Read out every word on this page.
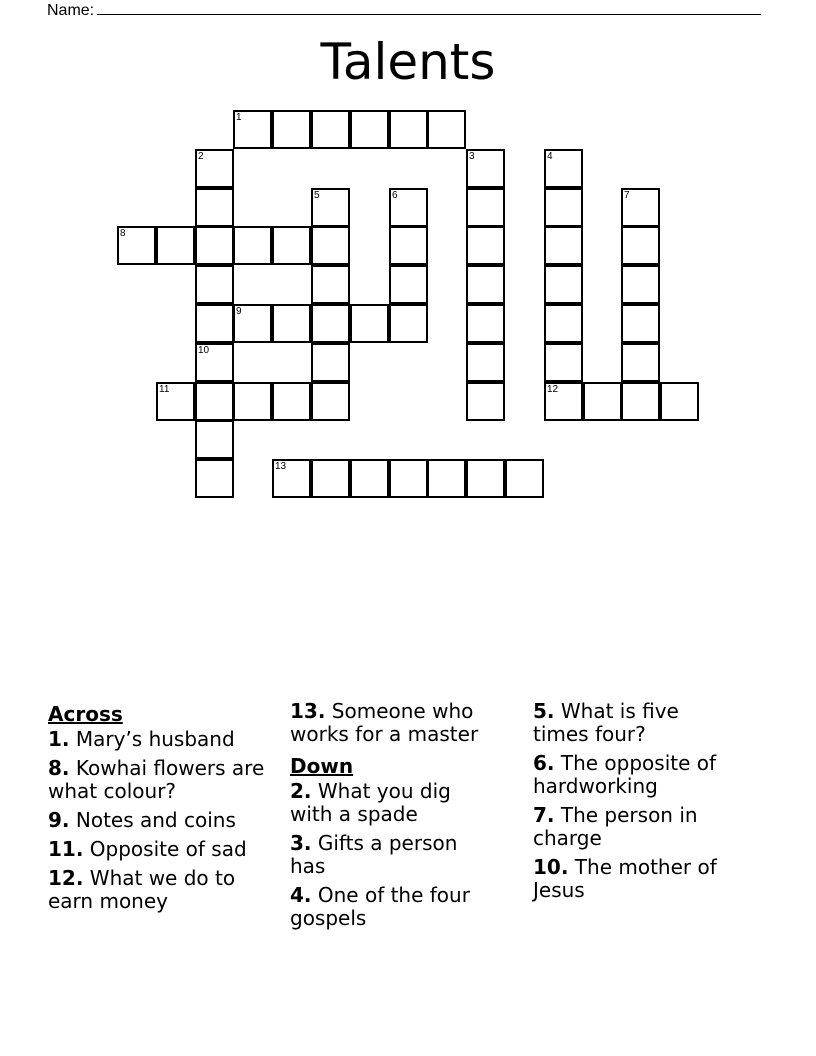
Name:
Talents
1
8
9
11	12
13
2	3	4
5	6	7
10

Across

1. Mary’s husband

8. Kowhai flowers are what colour?

9. Notes and coins

11. Opposite of sad

12. What we do to earn money

13. Someone who works for a master

Down

2. What you dig with a spade

3. Gifts a person has

4. One of the four gospels

5. What is five times four?

6. The opposite of hardworking

7. The person in charge

10. The mother of Jesus
